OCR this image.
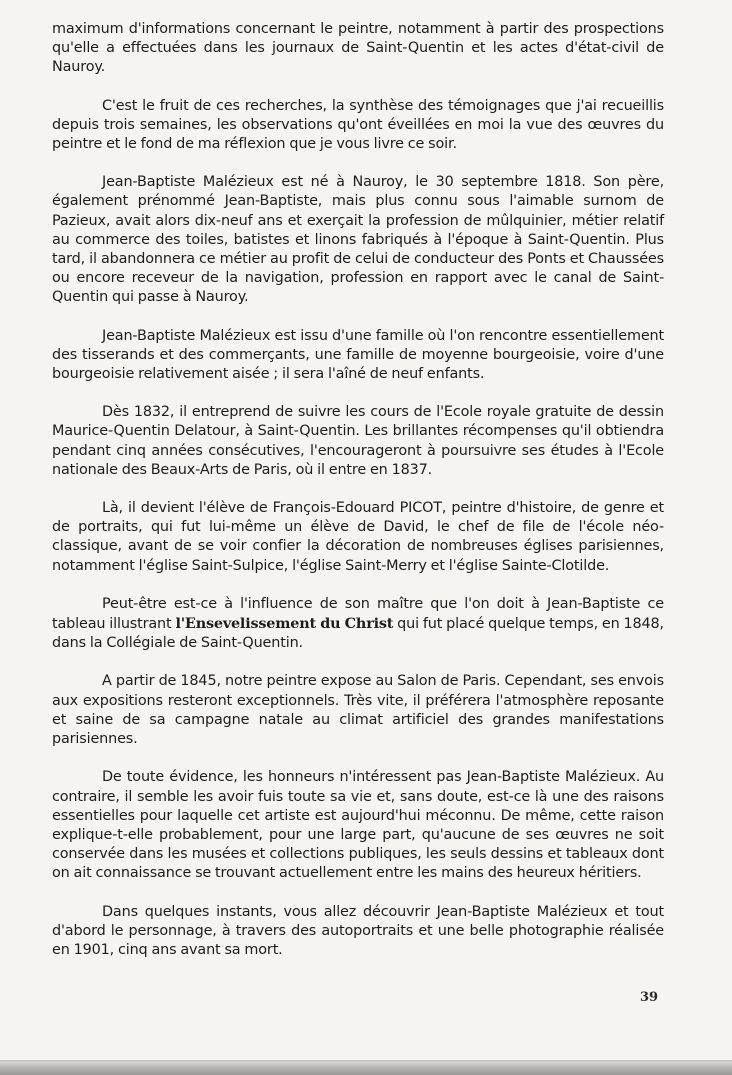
maximum d'informations concernant le peintre, notamment à partir des prospections qu'elle a effectuées dans les journaux de Saint-Quentin et les actes d'état-civil de Nauroy.

C'est le fruit de ces recherches, la synthèse des témoignages que j'ai recueillis depuis trois semaines, les observations qu'ont éveillées en moi la vue des œuvres du peintre et le fond de ma réflexion que je vous livre ce soir.

Jean-Baptiste Malézieux est né à Nauroy, le 30 septembre 1818. Son père, également prénommé Jean-Baptiste, mais plus connu sous l'aimable surnom de Pazieux, avait alors dix-neuf ans et exerçait la profession de mûlquinier, métier relatif au commerce des toiles, batistes et linons fabriqués à l'époque à Saint-Quentin. Plus tard, il abandonnera ce métier au profit de celui de conducteur des Ponts et Chaussées ou encore receveur de la navigation, profession en rapport avec le canal de Saint-Quentin qui passe à Nauroy.

Jean-Baptiste Malézieux est issu d'une famille où l'on rencontre essentiellement des tisserands et des commerçants, une famille de moyenne bourgeoisie, voire d'une bourgeoisie relativement aisée ; il sera l'aîné de neuf enfants.

Dès 1832, il entreprend de suivre les cours de l'Ecole royale gratuite de dessin Maurice-Quentin Delatour, à Saint-Quentin. Les brillantes récompenses qu'il obtiendra pendant cinq années consécutives, l'encourageront à poursuivre ses études à l'Ecole nationale des Beaux-Arts de Paris, où il entre en 1837.

Là, il devient l'élève de François-Edouard PICOT, peintre d'histoire, de genre et de portraits, qui fut lui-même un élève de David, le chef de file de l'école néo-classique, avant de se voir confier la décoration de nombreuses églises parisiennes, notamment l'église Saint-Sulpice, l'église Saint-Merry et l'église Sainte-Clotilde.

Peut-être est-ce à l'influence de son maître que l'on doit à Jean-Baptiste ce tableau illustrant l'Ensevelissement du Christ qui fut placé quelque temps, en 1848, dans la Collégiale de Saint-Quentin.

A partir de 1845, notre peintre expose au Salon de Paris. Cependant, ses envois aux expositions resteront exceptionnels. Très vite, il préférera l'atmosphère reposante et saine de sa campagne natale au climat artificiel des grandes manifestations parisiennes.

De toute évidence, les honneurs n'intéressent pas Jean-Baptiste Malézieux. Au contraire, il semble les avoir fuis toute sa vie et, sans doute, est-ce là une des raisons essentielles pour laquelle cet artiste est aujourd'hui méconnu. De même, cette raison explique-t-elle probablement, pour une large part, qu'aucune de ses œuvres ne soit conservée dans les musées et collections publiques, les seuls dessins et tableaux dont on ait connaissance se trouvant actuellement entre les mains des heureux héritiers.

Dans quelques instants, vous allez découvrir Jean-Baptiste Malézieux et tout d'abord le personnage, à travers des autoportraits et une belle photographie réalisée en 1901, cinq ans avant sa mort.

39
